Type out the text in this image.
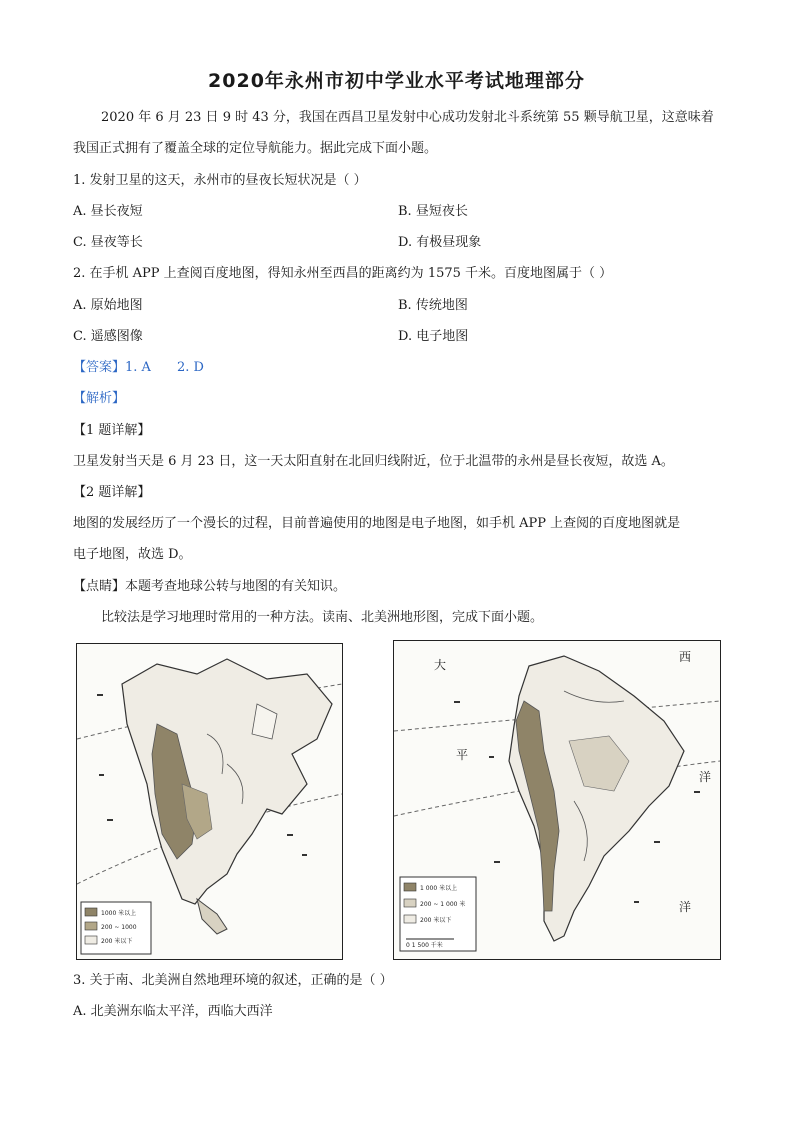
2020年永州市初中学业水平考试地理部分
2020 年 6 月 23 日 9 时 43 分，我国在西昌卫星发射中心成功发射北斗系统第 55 颗导航卫星，这意味着
我国正式拥有了覆盖全球的定位导航能力。据此完成下面小题。
1. 发射卫星的这天，永州市的昼夜长短状况是（ ）
A. 昼长夜短	B. 昼短夜长
C. 昼夜等长	D. 有极昼现象
2. 在手机 APP 上查阅百度地图，得知永州至西昌的距离约为 1575 千米。百度地图属于（ ）
A. 原始地图	B. 传统地图
C. 遥感图像	D. 电子地图
【答案】1. A 2. D
【解析】
【1 题详解】
卫星发射当天是 6 月 23 日，这一天太阳直射在北回归线附近，位于北温带的永州是昼长夜短，故选 A。
【2 题详解】
地图的发展经历了一个漫长的过程，目前普遍使用的地图是电子地图，如手机 APP 上查阅的百度地图就是
电子地图，故选 D。
【点睛】本题考查地球公转与地图的有关知识。
比较法是学习地理时常用的一种方法。读南、北美洲地形图，完成下面小题。
1000 米以上
200 ~ 1000
200 米以下
大
西
平
洋
洋
1 000 米以上
200 ~ 1 000 米
200 米以下
0 1 500 千米
3. 关于南、北美洲自然地理环境的叙述，正确的是（ ）
A. 北美洲东临太平洋，西临大西洋
